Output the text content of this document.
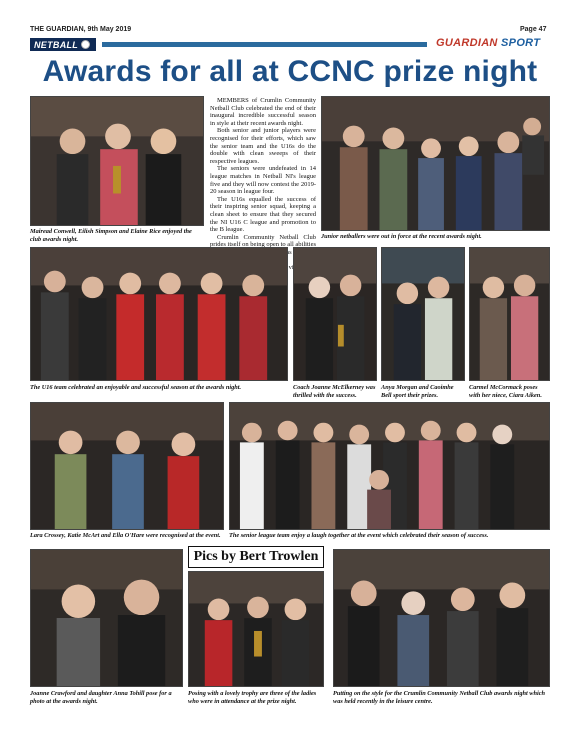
THE GUARDIAN, 9th May 2019	Page 47
NETBALL	GUARDIAN SPORT
Awards for all at CCNC prize night
Mairead Conwell, Eilish Simpson and Elaine Rice enjoyed the club awards night.

MEMBERS of Crumlin Community Netball Club celebrated the end of their inaugural incredible successful season in style at their recent awards night.

Both senior and junior players were recognised for their efforts, which saw the senior team and the U16s do the double with clean sweeps of their respective leagues.

The seniors were undefeated in 14 league matches in Netball NI's league five and they will now contest the 2019-20 season in league four.

The U16s equalled the success of their inspiring senior squad, keeping a clean sheet to ensure that they secured the NI U16 C league and promotion to the B league.

Crumlin Community Netball Club prides itself on being open to all abilities as

Junior netballers were out in force at the recent awards night.
The U16 team celebrated an enjoyable and successful season at the awards night.	Coach Joanne McElkerney was thrilled with the success.
Anya Morgan and Caoimhe Bell sport their prizes.
Carmel McCormack poses with her niece, Ciara Aiken.
Lara Crossey, Katie McArt and Ella O'Hare were recognised at the event.	The senior league team enjoy a laugh together at the event which celebrated their season of success.
Pics by Bert Trowlen
Joanne Crawford and daughter Anna Tohill pose for a photo at the awards night.
Posing with a lovely trophy are three of the ladies who were in attendance at the prize night.
Putting on the style for the Crumlin Community Netball Club awards night which was held recently in the leisure centre.
